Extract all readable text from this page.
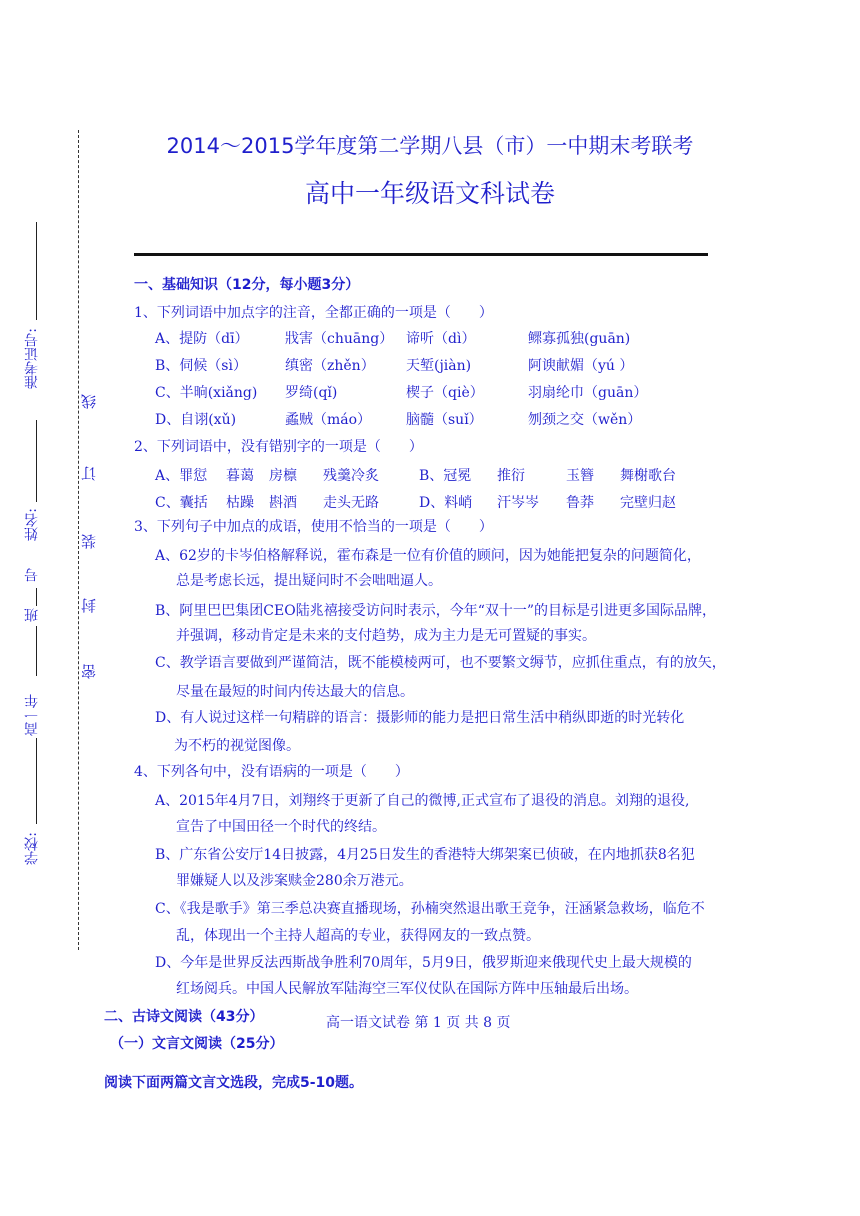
学校:
高一年
班
号
姓名:
准考证号:
线
订
装
封
密
2014～2015学年度第二学期八县（市）一中期末考联考
高中一年级语文科试卷
一、基础知识（12分，每小题3分）
1、下列词语中加点字的注音，全都正确的一项是（　　）
A、提防（dī）	戕害（chuāng） 谛听（dì）	鳏寡孤独(guān)
B、伺候（sì）	缜密（zhěn） 天堑(jiàn)	阿谀献媚（yú ）
C、半晌(xiǎng) 罗绮(qǐ)	楔子（qiè）	羽扇纶巾（guān）
D、自诩(xǔ)	蟊贼（máo） 脑髓（suǐ）	刎颈之交（wěn）
2、下列词语中，没有错别字的一项是（　　）
A、罪愆 暮蔼 房檩 残羹冷炙	B、冠冕 推衍	玉簪 舞榭歌台
C、囊括 枯躁 斟酒 走头无路	D、料峭 汗岑岑 鲁莽 完壁归赵
3、下列句子中加点的成语，使用不恰当的一项是（　　）
A、62岁的卡岑伯格解释说，霍布森是一位有价值的顾问，因为她能把复杂的问题简化，
总是考虑长远，提出疑问时不会咄咄逼人。
B、阿里巴巴集团CEO陆兆禧接受访问时表示，今年“双十一”的目标是引进更多国际品牌，
并强调，移动肯定是未来的支付趋势，成为主力是无可置疑的事实。
C、教学语言要做到严谨简洁，既不能模棱两可，也不要繁文缛节，应抓住重点，有的放矢，
尽量在最短的时间内传达最大的信息。
D、有人说过这样一句精辟的语言：摄影师的能力是把日常生活中稍纵即逝的时光转化
为不朽的视觉图像。
4、下列各句中，没有语病的一项是（　　）
A、2015年4月7日，刘翔终于更新了自己的微博,正式宣布了退役的消息。刘翔的退役,
宣告了中国田径一个时代的终结。
B、广东省公安厅14日披露，4月25日发生的香港特大绑架案已侦破，在内地抓获8名犯
罪嫌疑人以及涉案赎金280余万港元。
C、《我是歌手》第三季总决赛直播现场，孙楠突然退出歌王竞争，汪涵紧急救场，临危不
乱，体现出一个主持人超高的专业，获得网友的一致点赞。
D、今年是世界反法西斯战争胜利70周年，5月9日，俄罗斯迎来俄现代史上最大规模的
红场阅兵。中国人民解放军陆海空三军仪仗队在国际方阵中压轴最后出场。
二、古诗文阅读（43分）	高一语文试卷 第 1 页 共 8 页
（一）文言文阅读（25分）
阅读下面两篇文言文选段，完成5-10题。
